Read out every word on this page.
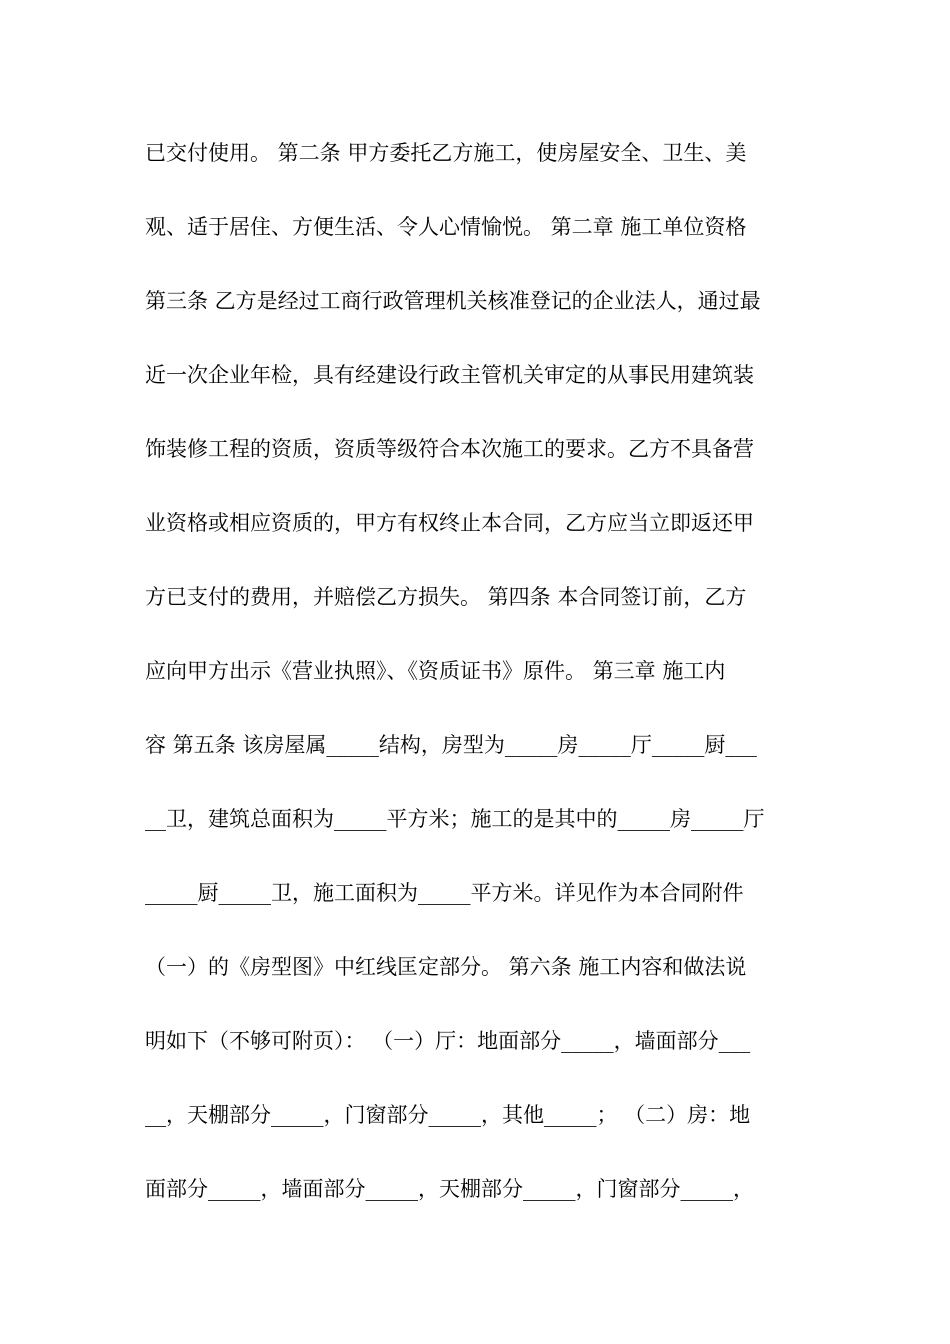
已交付使用。 第二条 甲方委托乙方施工，使房屋安全、卫生、美
观、适于居住、方便生活、令人心情愉悦。 第二章 施工单位资格
第三条 乙方是经过工商行政管理机关核准登记的企业法人，通过最
近一次企业年检，具有经建设行政主管机关审定的从事民用建筑装
饰装修工程的资质，资质等级符合本次施工的要求。乙方不具备营
业资格或相应资质的，甲方有权终止本合同，乙方应当立即返还甲
方已支付的费用，并赔偿乙方损失。 第四条 本合同签订前，乙方
应向甲方出示《营业执照》、《资质证书》原件。 第三章 施工内
容 第五条 该房屋属_____结构，房型为_____房_____厅_____厨___
__卫，建筑总面积为_____平方米；施工的是其中的_____房_____厅
_____厨_____卫，施工面积为_____平方米。详见作为本合同附件
（一）的《房型图》中红线匡定部分。 第六条 施工内容和做法说
明如下（不够可附页）： （一）厅：地面部分_____，墙面部分___
__，天棚部分_____，门窗部分_____，其他_____； （二）房：地
面部分_____，墙面部分_____，天棚部分_____，门窗部分_____，
